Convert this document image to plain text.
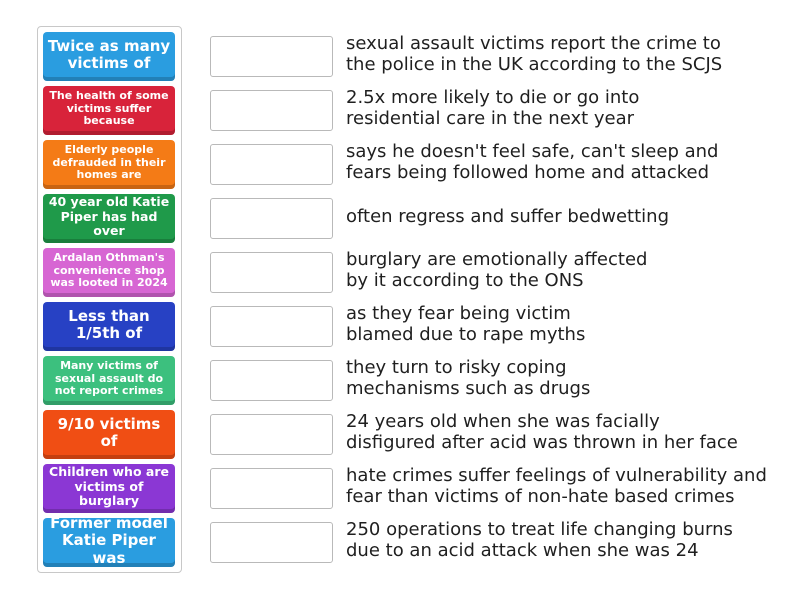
Twice as many victims of
The health of some victims suffer because
Elderly people defrauded in their homes are
40 year old Katie Piper has had over
Ardalan Othman's convenience shop was looted in 2024
Less than 1/5th of
Many victims of sexual assault do not report crimes
9/10 victims of
Children who are victims of burglary
Former model Katie Piper was
sexual assault victims report the crime to
the police in the UK according to the SCJS
2.5x more likely to die or go into
residential care in the next year
says he doesn't feel safe, can't sleep and
fears being followed home and attacked
often regress and suffer bedwetting
burglary are emotionally affected
by it according to the ONS
as they fear being victim
blamed due to rape myths
they turn to risky coping
mechanisms such as drugs
24 years old when she was facially
disfigured after acid was thrown in her face
hate crimes suffer feelings of vulnerability and
fear than victims of non-hate based crimes
250 operations to treat life changing burns
due to an acid attack when she was 24
